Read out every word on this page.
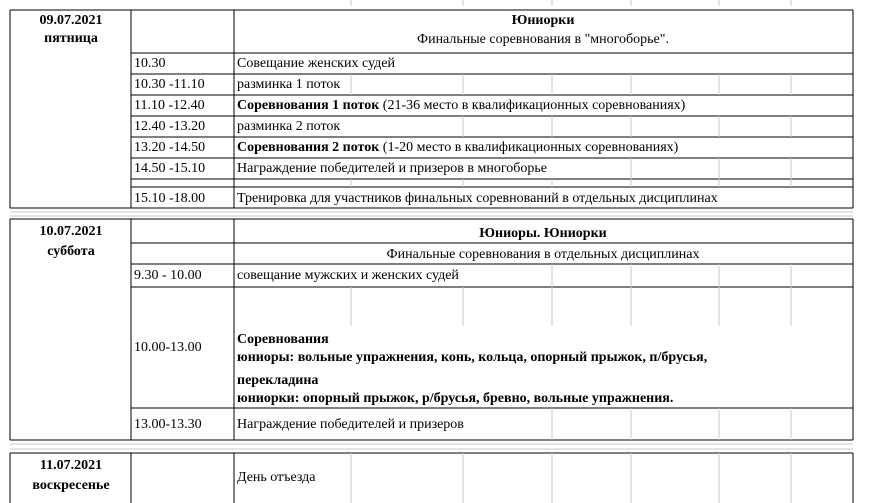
09.07.2021
пятница
Юниорки
Финальные соревнования в "многоборье".
10.30	Совещание женских судей
10.30 -11.10 разминка 1 поток
11.10 -12.40 Соревнования 1 поток (21-36 место в квалификационных соревнованиях)
12.40 -13.20 разминка 2 поток
13.20 -14.50 Соревнования 2 поток (1-20 место в квалификационных соревнованиях)
14.50 -15.10 Награждение победителей и призеров в многоборье
15.10 -18.00 Тренировка для участников финальных соревнований в отдельных дисциплинах
10.07.2021
суббота
Юниоры. Юниорки
Финальные соревнования в отдельных дисциплинах
9.30 - 10.00	совещание мужских и женских судей
10.00-13.00
Соревнования
юниоры: вольные упражнения, конь, кольца, опорный прыжок, п/брусья,
перекладина
юниорки: опорный прыжок, р/брусья, бревно, вольные упражнения.
13.00-13.30	Награждение победителей и призеров
11.07.2021
воскресенье
День отъезда
